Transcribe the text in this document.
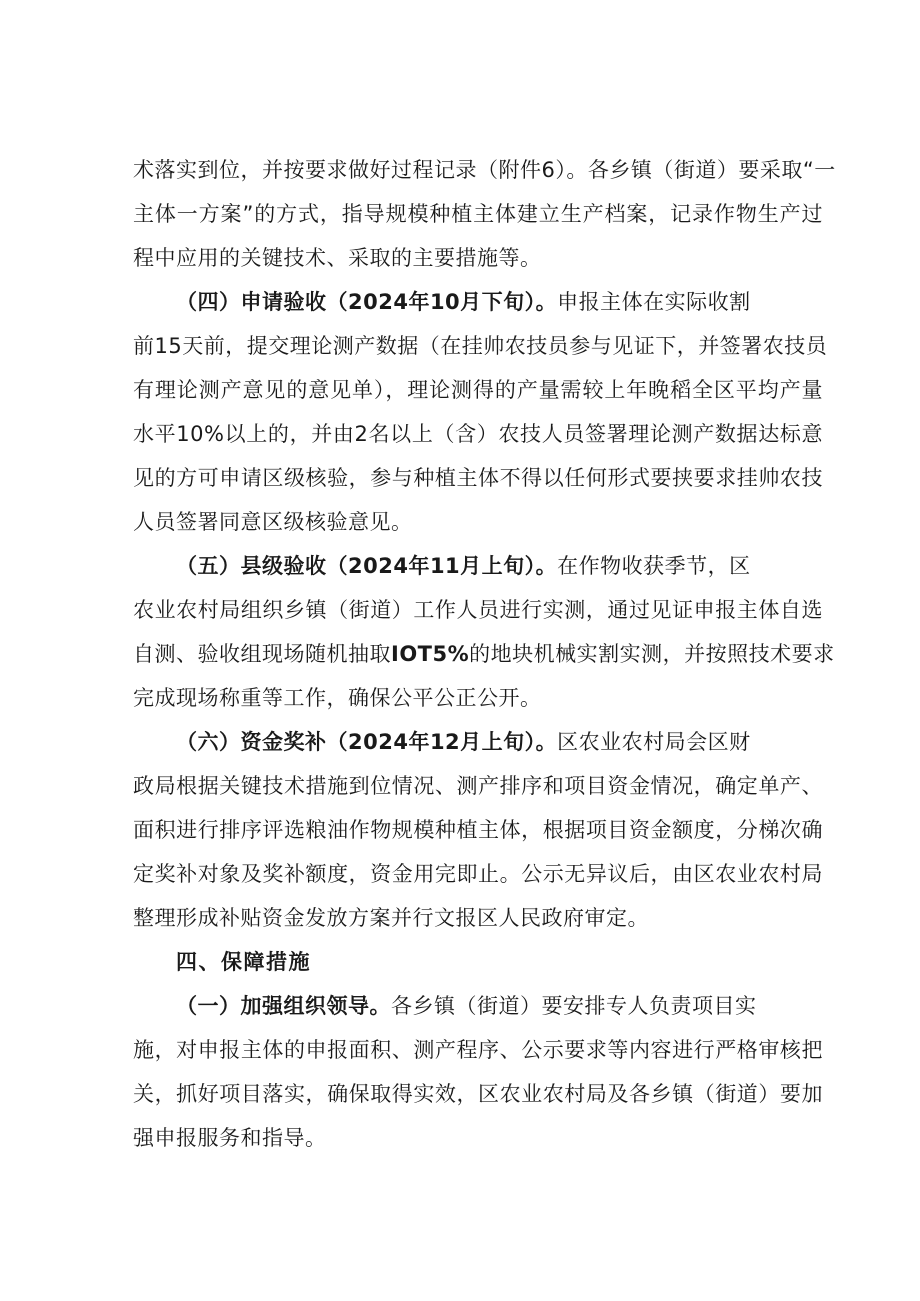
术落实到位，并按要求做好过程记录（附件6）。各乡镇（街道）要采取“一
主体一方案”的方式，指导规模种植主体建立生产档案，记录作物生产过
程中应用的关键技术、采取的主要措施等。
（四）申请验收（2024年10月下旬）。申报主体在实际收割
前15天前，提交理论测产数据（在挂帅农技员参与见证下，并签署农技员
有理论测产意见的意见单），理论测得的产量需较上年晚稻全区平均产量
水平10%以上的，并由2名以上（含）农技人员签署理论测产数据达标意
见的方可申请区级核验，参与种植主体不得以任何形式要挟要求挂帅农技
人员签署同意区级核验意见。
（五）县级验收（2024年11月上旬）。在作物收获季节，区
农业农村局组织乡镇（街道）工作人员进行实测，通过见证申报主体自选
自测、验收组现场随机抽取IOT5%的地块机械实割实测，并按照技术要求
完成现场称重等工作，确保公平公正公开。
（六）资金奖补（2024年12月上旬）。区农业农村局会区财
政局根据关键技术措施到位情况、测产排序和项目资金情况，确定单产、
面积进行排序评选粮油作物规模种植主体，根据项目资金额度，分梯次确
定奖补对象及奖补额度，资金用完即止。公示无异议后，由区农业农村局
整理形成补贴资金发放方案并行文报区人民政府审定。
四、保障措施
（一）加强组织领导。各乡镇（街道）要安排专人负责项目实
施，对申报主体的申报面积、测产程序、公示要求等内容进行严格审核把
关，抓好项目落实，确保取得实效，区农业农村局及各乡镇（街道）要加
强申报服务和指导。
